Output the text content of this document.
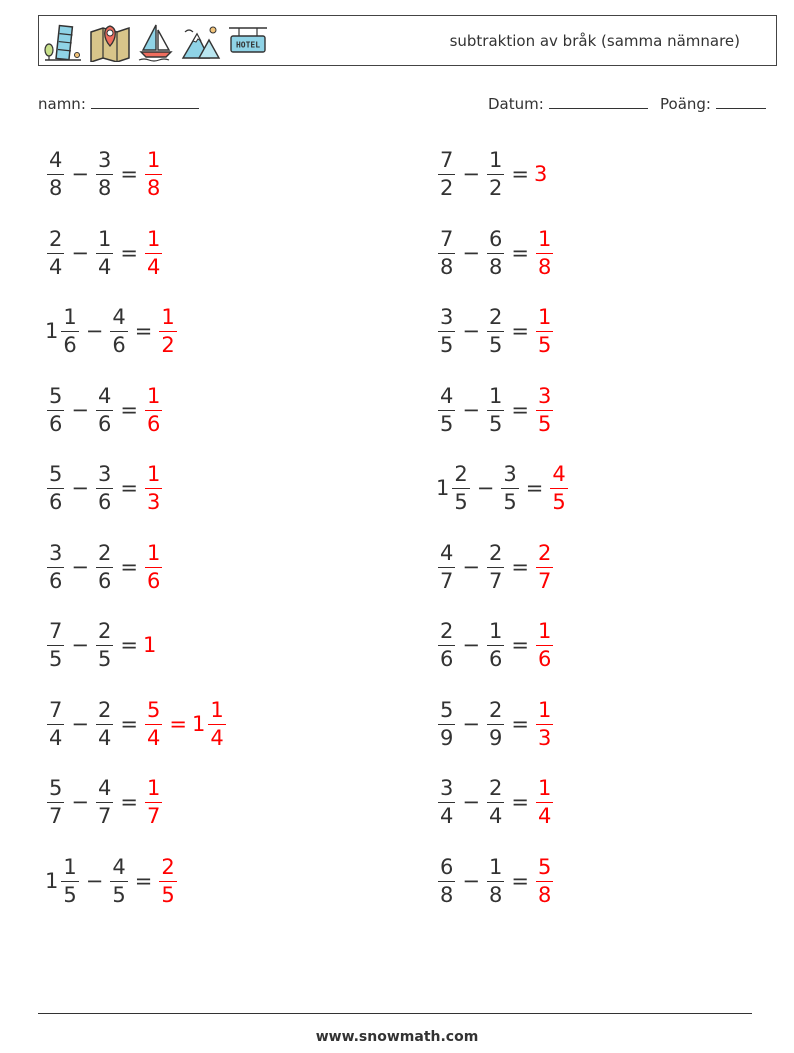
HOTEL	subtraktion av bråk (samma nämnare)
namn:	Datum:	Poäng:
$\frac{4}{8} - \frac{3}{8} = \frac{1}{8}$
$\frac{2}{4} - \frac{1}{4} = \frac{1}{4}$
$1 \frac{1}{6} - \frac{4}{6} = \frac{1}{2}$
$\frac{5}{6} - \frac{4}{6} = \frac{1}{6}$
$\frac{5}{6} - \frac{3}{6} = \frac{1}{3}$
$\frac{3}{6} - \frac{2}{6} = \frac{1}{6}$
$\frac{7}{5} - \frac{2}{5} = 1$
$\frac{7}{4} - \frac{2}{4} = \frac{5}{4} = 1 \frac{1}{4}$
$\frac{5}{7} - \frac{4}{7} = \frac{1}{7}$
$1 \frac{1}{5} - \frac{4}{5} = \frac{2}{5}$
$\frac{7}{2} - \frac{1}{2} = 3$
$\frac{7}{8} - \frac{6}{8} = \frac{1}{8}$
$\frac{3}{5} - \frac{2}{5} = \frac{1}{5}$
$\frac{4}{5} - \frac{1}{5} = \frac{3}{5}$
$1 \frac{2}{5} - \frac{3}{5} = \frac{4}{5}$
$\frac{4}{7} - \frac{2}{7} = \frac{2}{7}$
$\frac{2}{6} - \frac{1}{6} = \frac{1}{6}$
$\frac{5}{9} - \frac{2}{9} = \frac{1}{3}$
$\frac{3}{4} - \frac{2}{4} = \frac{1}{4}$
$\frac{6}{8} - \frac{1}{8} = \frac{5}{8}$
www.snowmath.com
